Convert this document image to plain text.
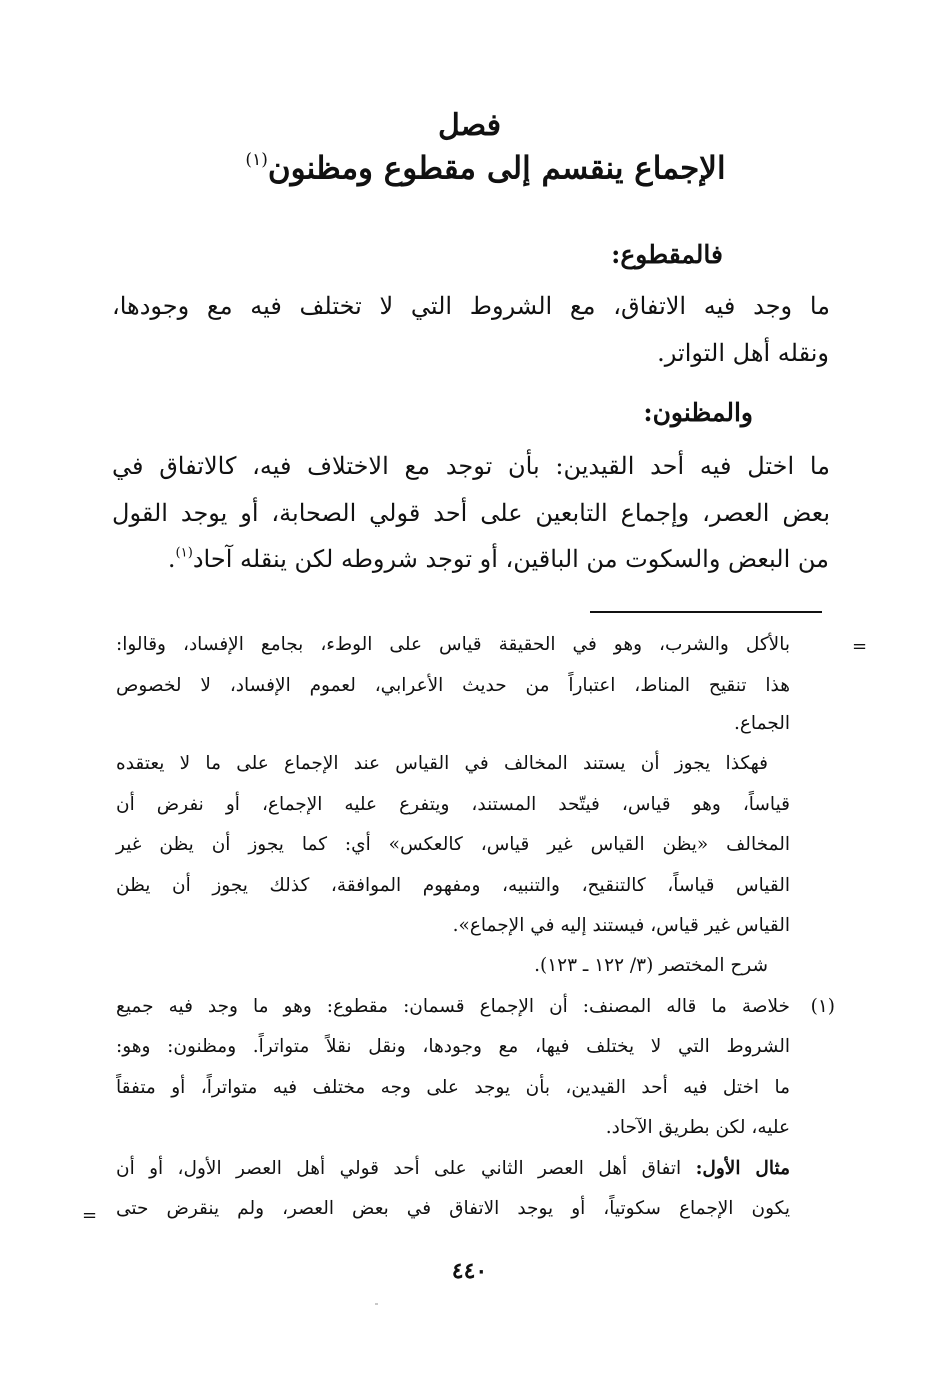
فصل
الإجماع ينقسم إلى مقطوع ومظنون$^{(١)}$
فالمقطوع:
ما وجد فيه الاتفاق، مع الشروط التي لا تختلف فيه مع وجودها،
ونقله أهل التواتر.
والمظنون:
ما اختل فيه أحد القيدين: بأن توجد مع الاختلاف فيه، كالاتفاق في
بعض العصر، وإجماع التابعين على أحد قولي الصحابة، أو يوجد القول
من البعض والسكوت من الباقين، أو توجد شروطه لكن ينقله آحاد$^{(١)}$.
=
بالأكل والشرب، وهو في الحقيقة قياس على الوطء، بجامع الإفساد، وقالوا:
هذا تنقيح المناط، اعتباراً من حديث الأعرابي، لعموم الإفساد، لا لخصوص
الجماع.
فهكذا يجوز أن يستند المخالف في القياس عند الإجماع على ما لا يعتقده
قياساً، وهو قياس، فيتّحد المستند، ويتفرع عليه الإجماع، أو نفرض أن
المخالف «يظن القياس غير قياس، كالعكس» أي: كما يجوز أن يظن غير
القياس قياساً، كالتنقيح، والتنبيه، ومفهوم الموافقة، كذلك يجوز أن يظن
القياس غير قياس، فيستند إليه في الإجماع».
شرح المختصر (٣/ ١٢٢ ـ ١٢٣).
(١)
خلاصة ما قاله المصنف: أن الإجماع قسمان: مقطوع: وهو ما وجد فيه جميع
الشروط التي لا يختلف فيها، مع وجودها، ونقل نقلاً متواتراً. ومظنون: وهو:
ما اختل فيه أحد القيدين، بأن يوجد على وجه مختلف فيه متواتراً، أو متفقاً
عليه، لكن بطريق الآحاد.
مثال الأول: اتفاق أهل العصر الثاني على أحد قولي أهل العصر الأول، أو أن
يكون الإجماع سكوتياً، أو يوجد الاتفاق في بعض العصر، ولم ينقرض حتى
=
٤٤٠
